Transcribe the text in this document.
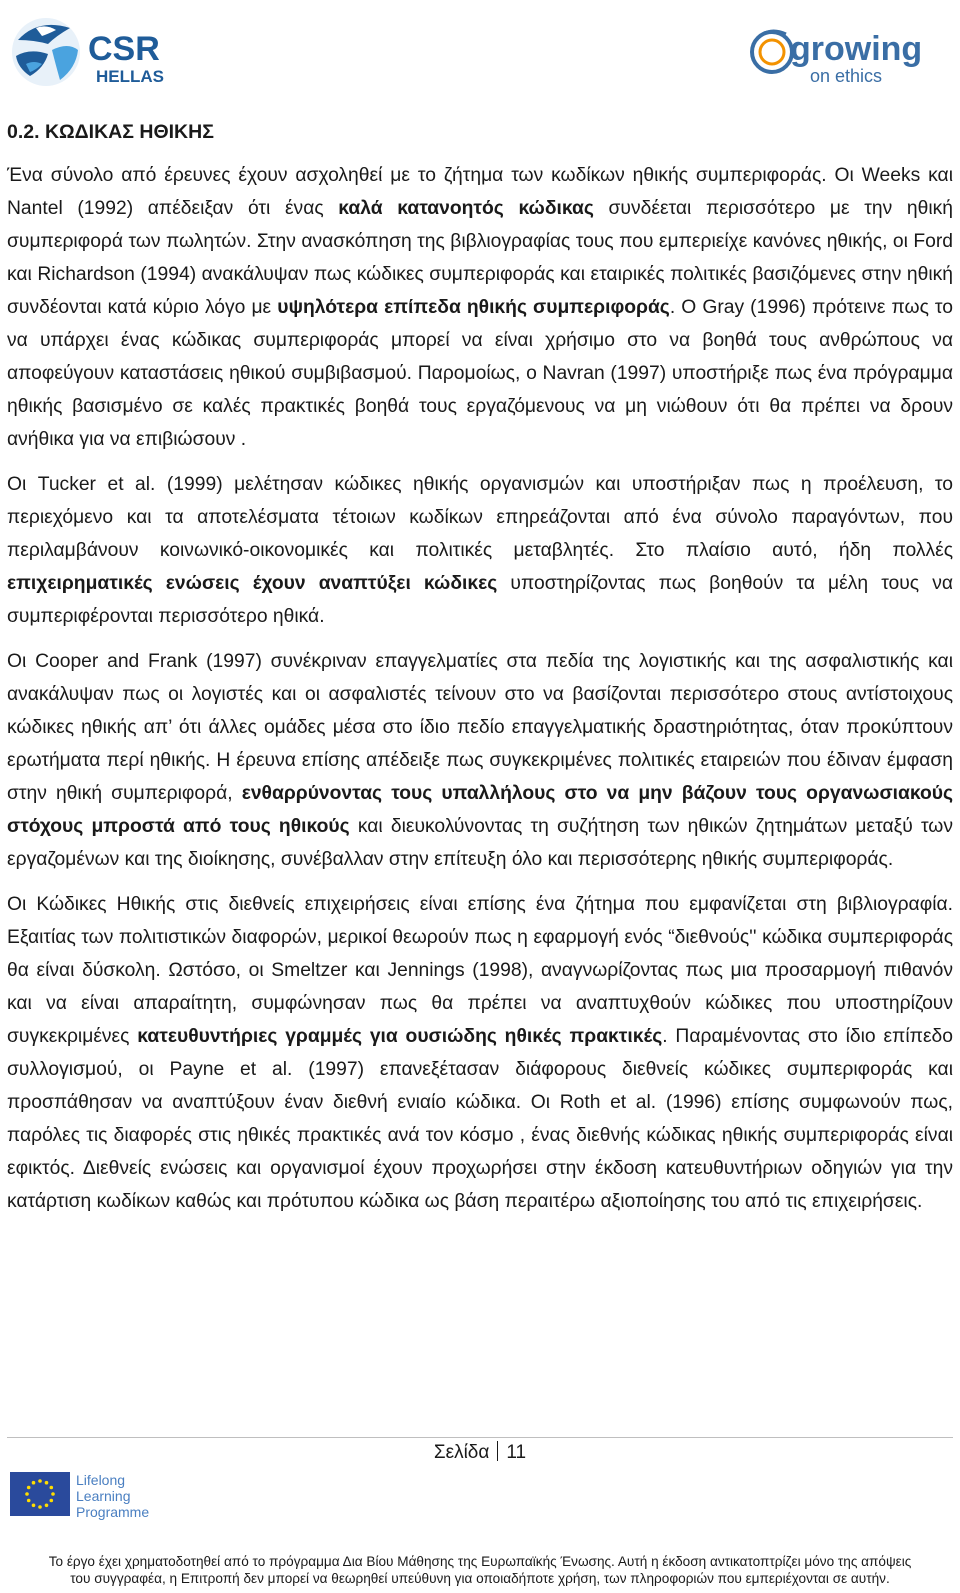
CSR
HELLAS
growing
on ethics
0.2. ΚΩΔΙΚΑΣ ΗΘΙΚΗΣ

Ένα σύνολο από έρευνες έχουν ασχοληθεί με το ζήτημα των κωδίκων ηθικής συμπεριφοράς. Οι Weeks και Nantel (1992) απέδειξαν ότι ένας καλά κατανοητός κώδικας συνδέεται περισσότερο με την ηθική συμπεριφορά των πωλητών. Στην ανασκόπηση της βιβλιογραφίας τους που εμπεριείχε κανόνες ηθικής, οι Ford και Richardson (1994) ανακάλυψαν πως κώδικες συμπεριφοράς και εταιρικές πολιτικές βασιζόμενες στην ηθική συνδέονται κατά κύριο λόγο με υψηλότερα επίπεδα ηθικής συμπεριφοράς. Ο Gray (1996) πρότεινε πως το να υπάρχει ένας κώδικας συμπεριφοράς μπορεί να είναι χρήσιμο στο να βοηθά τους ανθρώπους να αποφεύγουν καταστάσεις ηθικού συμβιβασμού. Παρομοίως, ο Navran (1997) υποστήριξε πως ένα πρόγραμμα ηθικής βασισμένο σε καλές πρακτικές βοηθά τους εργαζόμενους να μη νιώθουν ότι θα πρέπει να δρουν ανήθικα για να επιβιώσουν .

Οι Tucker et al. (1999) μελέτησαν κώδικες ηθικής οργανισμών και υποστήριξαν πως η προέλευση, το περιεχόμενο και τα αποτελέσματα τέτοιων κωδίκων επηρεάζονται από ένα σύνολο παραγόντων, που περιλαμβάνουν κοινωνικό-οικονομικές και πολιτικές μεταβλητές. Στο πλαίσιο αυτό, ήδη πολλές επιχειρηματικές ενώσεις έχουν αναπτύξει κώδικες υποστηρίζοντας πως βοηθούν τα μέλη τους να συμπεριφέρονται περισσότερο ηθικά.

Οι Cooper and Frank (1997) συνέκριναν επαγγελματίες στα πεδία της λογιστικής και της ασφαλιστικής και ανακάλυψαν πως οι λογιστές και οι ασφαλιστές τείνουν στο να βασίζονται περισσότερο στους αντίστοιχους κώδικες ηθικής απ’ ότι άλλες ομάδες μέσα στο ίδιο πεδίο επαγγελματικής δραστηριότητας, όταν προκύπτουν ερωτήματα περί ηθικής. Η έρευνα επίσης απέδειξε πως συγκεκριμένες πολιτικές εταιρειών που έδιναν έμφαση στην ηθική συμπεριφορά, ενθαρρύνοντας τους υπαλλήλους στο να μην βάζουν τους οργανωσιακούς στόχους μπροστά από τους ηθικούς και διευκολύνοντας τη συζήτηση των ηθικών ζητημάτων μεταξύ των εργαζομένων και της διοίκησης, συνέβαλλαν στην επίτευξη όλο και περισσότερης ηθικής συμπεριφοράς.

Οι Κώδικες Ηθικής στις διεθνείς επιχειρήσεις είναι επίσης ένα ζήτημα που εμφανίζεται στη βιβλιογραφία. Εξαιτίας των πολιτιστικών διαφορών, μερικοί θεωρούν πως η εφαρμογή ενός “διεθνούς'' κώδικα συμπεριφοράς θα είναι δύσκολη. Ωστόσο, οι Smeltzer και Jennings (1998), αναγνωρίζοντας πως μια προσαρμογή πιθανόν και να είναι απαραίτητη, συμφώνησαν πως θα πρέπει να αναπτυχθούν κώδικες που υποστηρίζουν συγκεκριμένες κατευθυντήριες γραμμές για ουσιώδης ηθικές πρακτικές. Παραμένοντας στο ίδιο επίπεδο συλλογισμού, οι Payne et al. (1997) επανεξέτασαν διάφορους διεθνείς κώδικες συμπεριφοράς και προσπάθησαν να αναπτύξουν έναν διεθνή ενιαίο κώδικα. Οι Roth et al. (1996) επίσης συμφωνούν πως, παρόλες τις διαφορές στις ηθικές πρακτικές ανά τον κόσμο , ένας διεθνής κώδικας ηθικής συμπεριφοράς είναι εφικτός. Διεθνείς ενώσεις και οργανισμοί έχουν προχωρήσει στην έκδοση κατευθυντήριων οδηγιών για την κατάρτιση κωδίκων καθώς και πρότυπου κώδικα ως βάση περαιτέρω αξιοποίησης του από τις επιχειρήσεις.

Σελίδα 11
Lifelong
Learning
Programme
Το έργο έχει χρηματοδοτηθεί από το πρόγραμμα Δια Βίου Μάθησης της Ευρωπαϊκής Ένωσης. Αυτή η έκδοση αντικατοπτρίζει μόνο της απόψεις
του συγγραφέα, η Επιτροπή δεν μπορεί να θεωρηθεί υπεύθυνη για οποιαδήποτε χρήση, των πληροφοριών που εμπεριέχονται σε αυτήν.
